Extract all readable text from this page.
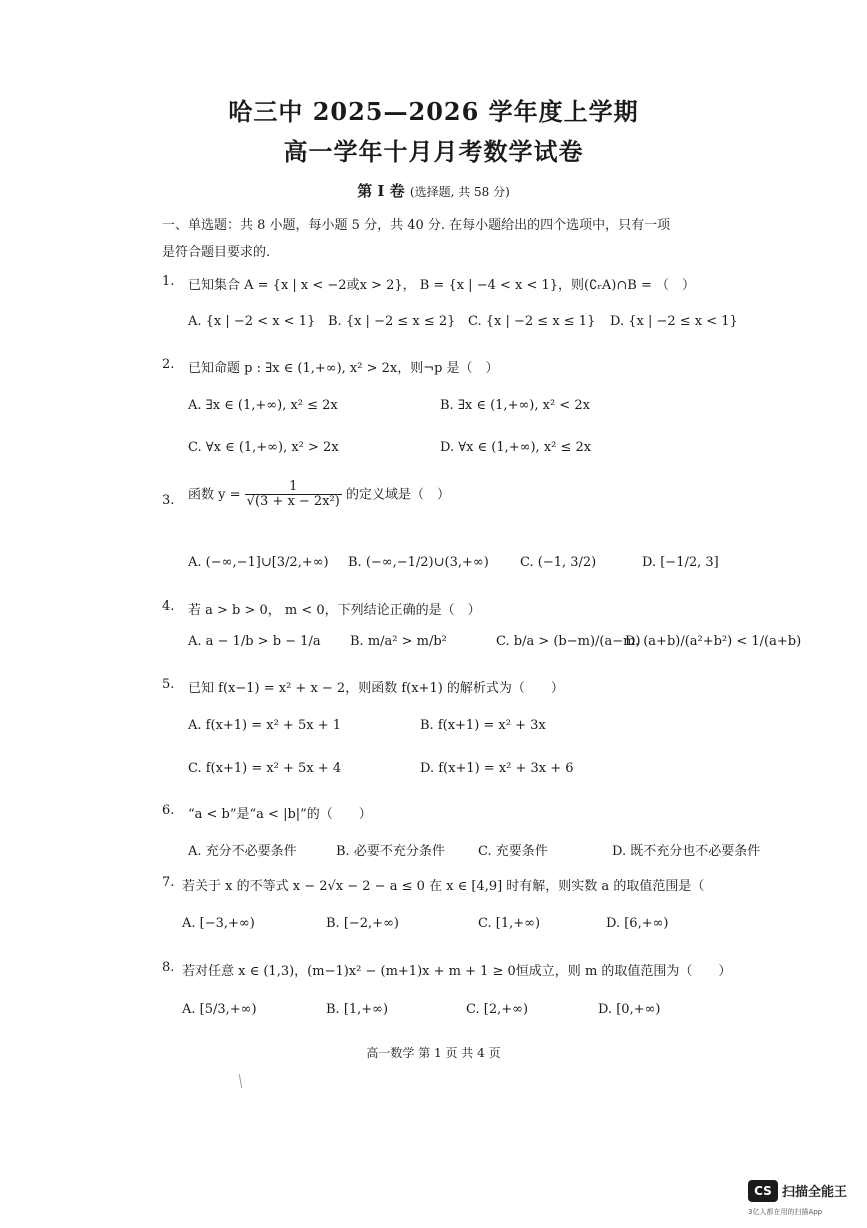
哈三中 2025—2026 学年度上学期
高一学年十月月考数学试卷
第 I 卷 (选择题, 共 58 分)
一、单选题：共 8 小题，每小题 5 分，共 40 分. 在每小题给出的四个选项中，只有一项
是符合题目要求的.
1. 已知集合 A = {x | x < −2或x > 2}， B = {x | −4 < x < 1}，则(∁ᵣA)∩B = （　）
A. {x | −2 < x < 1} B. {x | −2 ≤ x ≤ 2} C. {x | −2 ≤ x ≤ 1} D. {x | −2 ≤ x < 1}
2. 已知命题 p : ∃x ∈ (1,+∞), x² > 2x，则¬p 是（　）
A. ∃x ∈ (1,+∞), x² ≤ 2x	B. ∃x ∈ (1,+∞), x² < 2x
C. ∀x ∈ (1,+∞), x² > 2x	D. ∀x ∈ (1,+∞), x² ≤ 2x
3. 函数 $y = \frac{1}{\text{√(3 + x − 2x²)}}$ 的定义域是（　）
A. (−∞,−1]∪[3/2,+∞) B. (−∞,−1/2)∪(3,+∞) C. (−1, 3/2)	D. [−1/2, 3]
4. 若 a > b > 0， m < 0，下列结论正确的是（　）
A. a − 1/b > b − 1/a B. m/a² > m/b²	C. b/a > (b−m)/(a−m)
D. (a+b)/(a²+b²) < 1/(a+b)
5. 已知 f(x−1) = x² + x − 2，则函数 f(x+1) 的解析式为（　　）
A. f(x+1) = x² + 5x + 1	B. f(x+1) = x² + 3x
C. f(x+1) = x² + 5x + 4	D. f(x+1) = x² + 3x + 6
6. “a < b”是“a < |b|”的（　　）
A. 充分不必要条件	B. 必要不充分条件	C. 充要条件	D. 既不充分也不必要条件
7. 若关于 x 的不等式 x − 2√x − 2 − a ≤ 0 在 x ∈ [4,9] 时有解，则实数 a 的取值范围是（
A. [−3,+∞)	B. [−2,+∞)	C. [1,+∞)	D. [6,+∞)
8. 若对任意 x ∈ (1,3)，(m−1)x² − (m+1)x + m + 1 ≥ 0恒成立，则 m 的取值范围为（　　）
A. [5/3,+∞)	B. [1,+∞)	C. [2,+∞)	D. [0,+∞)
高一数学 第 1 页 共 4 页
CS 扫描全能王
3亿人都在用的扫描App
